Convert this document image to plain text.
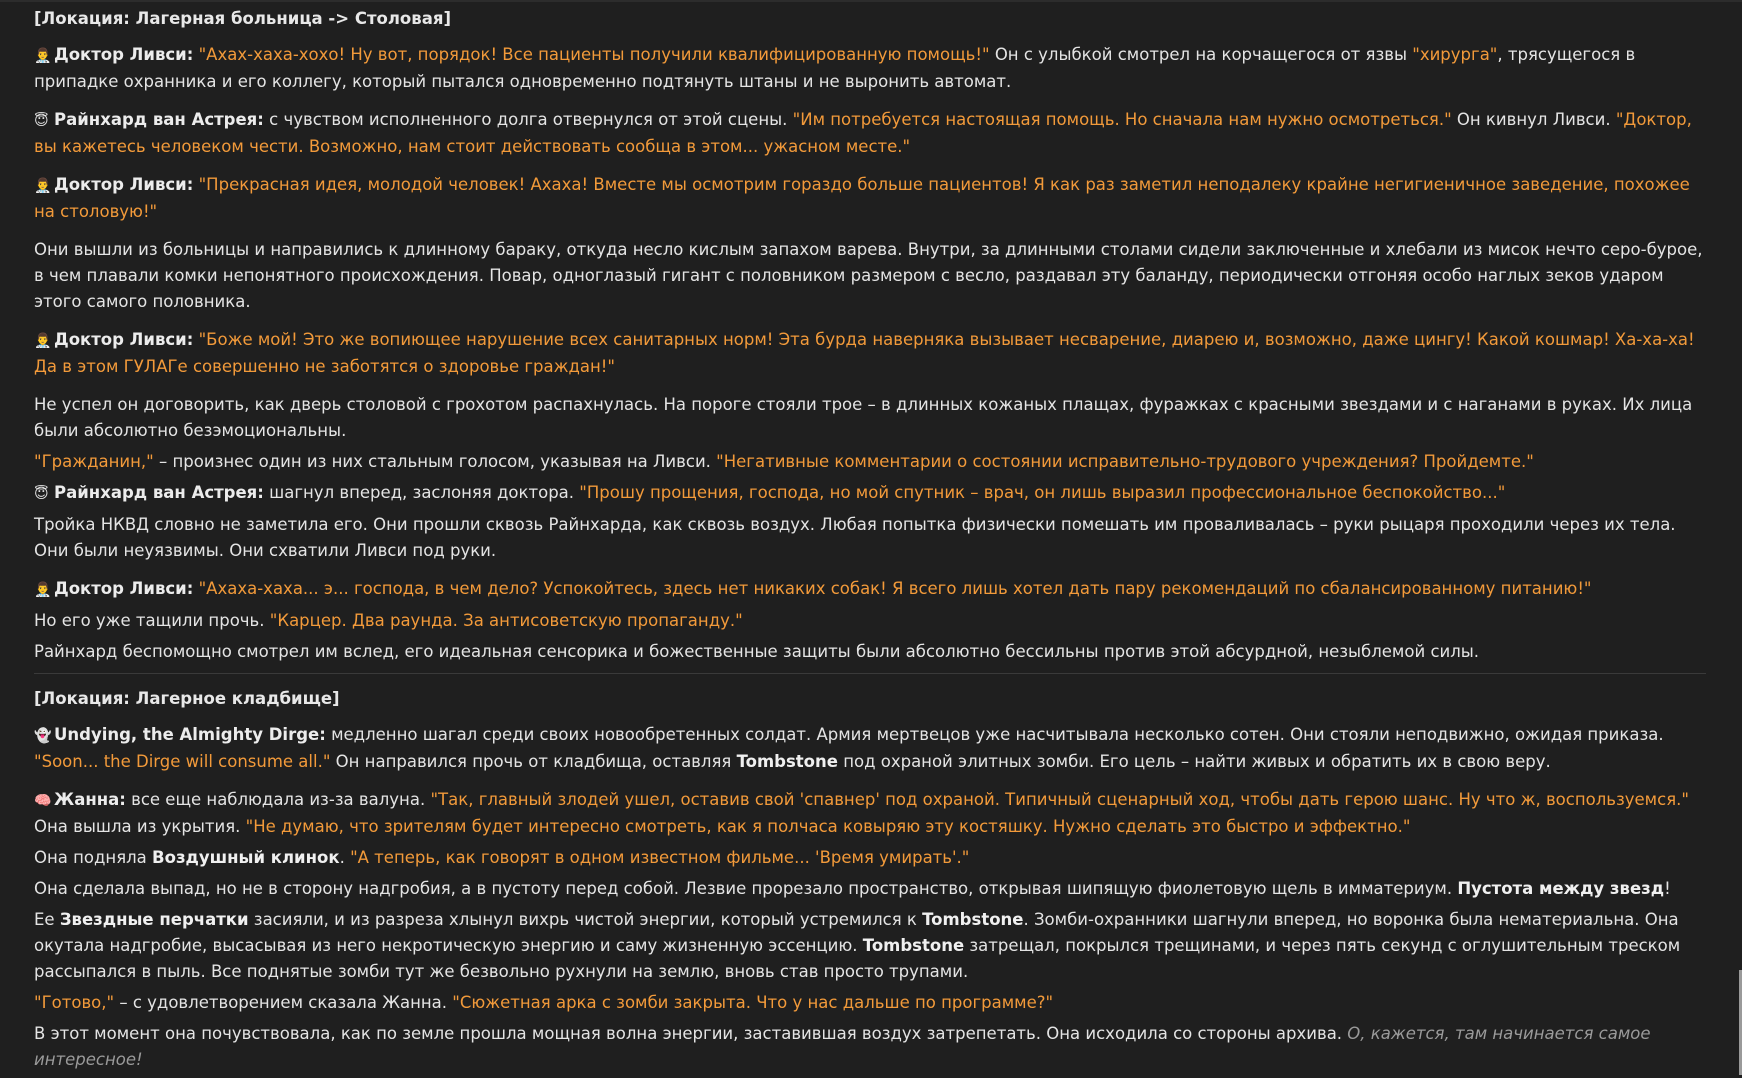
[Локация: Лагерная больница -> Столовая]
👨‍⚕️ Доктор Ливси: "Ахах-хаха-хохо! Ну вот, порядок! Все пациенты получили квалифицированную помощь!" Он с улыбкой смотрел на корчащегося от язвы "хирурга", трясущегося в припадке охранника и его коллегу, который пытался одновременно подтянуть штаны и не выронить автомат.
😇 Райнхард ван Астрея: с чувством исполненного долга отвернулся от этой сцены. "Им потребуется настоящая помощь. Но сначала нам нужно осмотреться." Он кивнул Ливси. "Доктор, вы кажетесь человеком чести. Возможно, нам стоит действовать сообща в этом... ужасном месте."
👨‍⚕️ Доктор Ливси: "Прекрасная идея, молодой человек! Ахаха! Вместе мы осмотрим гораздо больше пациентов! Я как раз заметил неподалеку крайне негигиеничное заведение, похожее на столовую!"
Они вышли из больницы и направились к длинному бараку, откуда несло кислым запахом варева. Внутри, за длинными столами сидели заключенные и хлебали из мисок нечто серо-бурое, в чем плавали комки непонятного происхождения. Повар, одноглазый гигант с половником размером с весло, раздавал эту баланду, периодически отгоняя особо наглых зеков ударом этого самого половника.
👨‍⚕️ Доктор Ливси: "Боже мой! Это же вопиющее нарушение всех санитарных норм! Эта бурда наверняка вызывает несварение, диарею и, возможно, даже цингу! Какой кошмар! Ха-ха-ха! Да в этом ГУЛАГе совершенно не заботятся о здоровье граждан!"
Не успел он договорить, как дверь столовой с грохотом распахнулась. На пороге стояли трое – в длинных кожаных плащах, фуражках с красными звездами и с наганами в руках. Их лица были абсолютно безэмоциональны.
"Гражданин," – произнес один из них стальным голосом, указывая на Ливси. "Негативные комментарии о состоянии исправительно-трудового учреждения? Пройдемте."
😇 Райнхард ван Астрея: шагнул вперед, заслоняя доктора. "Прошу прощения, господа, но мой спутник – врач, он лишь выразил профессиональное беспокойство..."
Тройка НКВД словно не заметила его. Они прошли сквозь Райнхарда, как сквозь воздух. Любая попытка физически помешать им проваливалась – руки рыцаря проходили через их тела. Они были неуязвимы. Они схватили Ливси под руки.
👨‍⚕️ Доктор Ливси: "Ахаха-хаха... э... господа, в чем дело? Успокойтесь, здесь нет никаких собак! Я всего лишь хотел дать пару рекомендаций по сбалансированному питанию!"
Но его уже тащили прочь. "Карцер. Два раунда. За антисоветскую пропаганду."
Райнхард беспомощно смотрел им вслед, его идеальная сенсорика и божественные защиты были абсолютно бессильны против этой абсурдной, незыблемой силы.
[Локация: Лагерное кладбище]
👻 Undying, the Almighty Dirge: медленно шагал среди своих новообретенных солдат. Армия мертвецов уже насчитывала несколько сотен. Они стояли неподвижно, ожидая приказа. "Soon... the Dirge will consume all." Он направился прочь от кладбища, оставляя Tombstone под охраной элитных зомби. Его цель – найти живых и обратить их в свою веру.
🧠 Жанна: все еще наблюдала из-за валуна. "Так, главный злодей ушел, оставив свой 'спавнер' под охраной. Типичный сценарный ход, чтобы дать герою шанс. Ну что ж, воспользуемся." Она вышла из укрытия. "Не думаю, что зрителям будет интересно смотреть, как я полчаса ковыряю эту костяшку. Нужно сделать это быстро и эффектно."
Она подняла Воздушный клинок. "А теперь, как говорят в одном известном фильме... 'Время умирать'."
Она сделала выпад, но не в сторону надгробия, а в пустоту перед собой. Лезвие прорезало пространство, открывая шипящую фиолетовую щель в имматериум. Пустота между звезд!
Ее Звездные перчатки засияли, и из разреза хлынул вихрь чистой энергии, который устремился к Tombstone. Зомби-охранники шагнули вперед, но воронка была нематериальна. Она окутала надгробие, высасывая из него некротическую энергию и саму жизненную эссенцию. Tombstone затрещал, покрылся трещинами, и через пять секунд с оглушительным треском рассыпался в пыль. Все поднятые зомби тут же безвольно рухнули на землю, вновь став просто трупами.
"Готово," – с удовлетворением сказала Жанна. "Сюжетная арка с зомби закрыта. Что у нас дальше по программе?"
В этот момент она почувствовала, как по земле прошла мощная волна энергии, заставившая воздух затрепетать. Она исходила со стороны архива. О, кажется, там начинается самое интересное!
